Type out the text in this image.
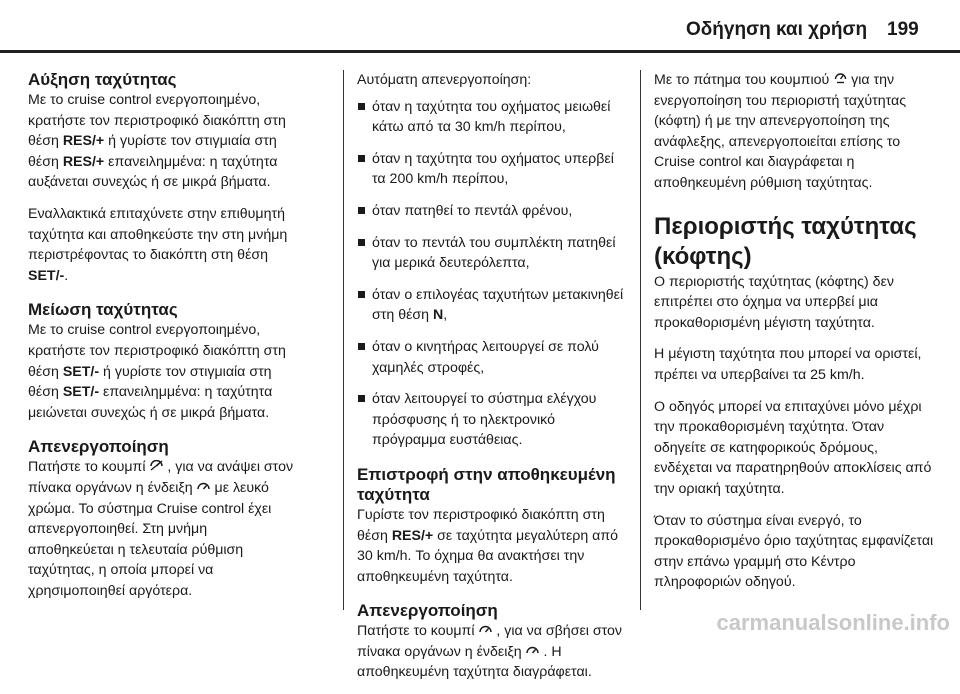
Οδήγηση και χρήση 199
Αύξηση ταχύτητας

Με το cruise control ενεργοποιημένο, κρατήστε τον περιστροφικό διακόπτη στη θέση RES/+ ή γυρίστε τον στιγμιαία στη θέση RES/+ επανειλημμένα: η ταχύτητα αυξάνεται συνεχώς ή σε μικρά βήματα.

Εναλλακτικά επιταχύνετε στην επιθυμητή ταχύτητα και αποθηκεύστε την στη μνήμη περιστρέφοντας το διακόπτη στη θέση SET/-.

Μείωση ταχύτητας

Με το cruise control ενεργοποιημένο, κρατήστε τον περιστροφικό διακόπτη στη θέση SET/- ή γυρίστε τον στιγμιαία στη θέση SET/- επανειλημμένα: η ταχύτητα μειώνεται συνεχώς ή σε μικρά βήματα.

Απενεργοποίηση

Πατήστε το κουμπί  , για να ανάψει στον πίνακα οργάνων η ένδειξη  με λευκό χρώμα. Το σύστημα Cruise control έχει απενεργοποιηθεί. Στη μνήμη αποθηκεύεται η τελευταία ρύθμιση ταχύτητας, η οποία μπορεί να χρησιμοποιηθεί αργότερα.

Αυτόματη απενεργοποίηση:

όταν η ταχύτητα του οχήματος μειωθεί κάτω από τα 30 km/h περίπου,
όταν η ταχύτητα του οχήματος υπερβεί τα 200 km/h περίπου,
όταν πατηθεί το πεντάλ φρένου,
όταν το πεντάλ του συμπλέκτη πατηθεί για μερικά δευτερόλεπτα,
όταν ο επιλογέας ταχυτήτων μετακινηθεί στη θέση N,
όταν ο κινητήρας λειτουργεί σε πολύ χαμηλές στροφές,
όταν λειτουργεί το σύστημα ελέγχου πρόσφυσης ή το ηλεκτρονικό πρόγραμμα ευστάθειας.
Επιστροφή στην αποθηκευμένη ταχύτητα

Γυρίστε τον περιστροφικό διακόπτη στη θέση RES/+ σε ταχύτητα μεγαλύτερη από 30 km/h. Το όχημα θα ανακτήσει την αποθηκευμένη ταχύτητα.

Απενεργοποίηση

Πατήστε το κουμπί  , για να σβήσει στον πίνακα οργάνων η ένδειξη  . Η αποθηκευμένη ταχύτητα διαγράφεται.

Με το πάτημα του κουμπιού  για την ενεργοποίηση του περιοριστή ταχύτητας (κόφτη) ή με την απενεργοποίηση της ανάφλεξης, απενεργοποιείται επίσης το Cruise control και διαγράφεται η αποθηκευμένη ρύθμιση ταχύτητας.

Περιοριστής ταχύτητας (κόφτης)

Ο περιοριστής ταχύτητας (κόφτης) δεν επιτρέπει στο όχημα να υπερβεί μια προκαθορισμένη μέγιστη ταχύτητα.

Η μέγιστη ταχύτητα που μπορεί να οριστεί, πρέπει να υπερβαίνει τα 25 km/h.

Ο οδηγός μπορεί να επιταχύνει μόνο μέχρι την προκαθορισμένη ταχύτητα. Όταν οδηγείτε σε κατηφορικούς δρόμους, ενδέχεται να παρατηρηθούν αποκλίσεις από την οριακή ταχύτητα.

Όταν το σύστημα είναι ενεργό, το προκαθορισμένο όριο ταχύτητας εμφανίζεται στην επάνω γραμμή στο Κέντρο πληροφοριών οδηγού.

carmanualsonline.info
